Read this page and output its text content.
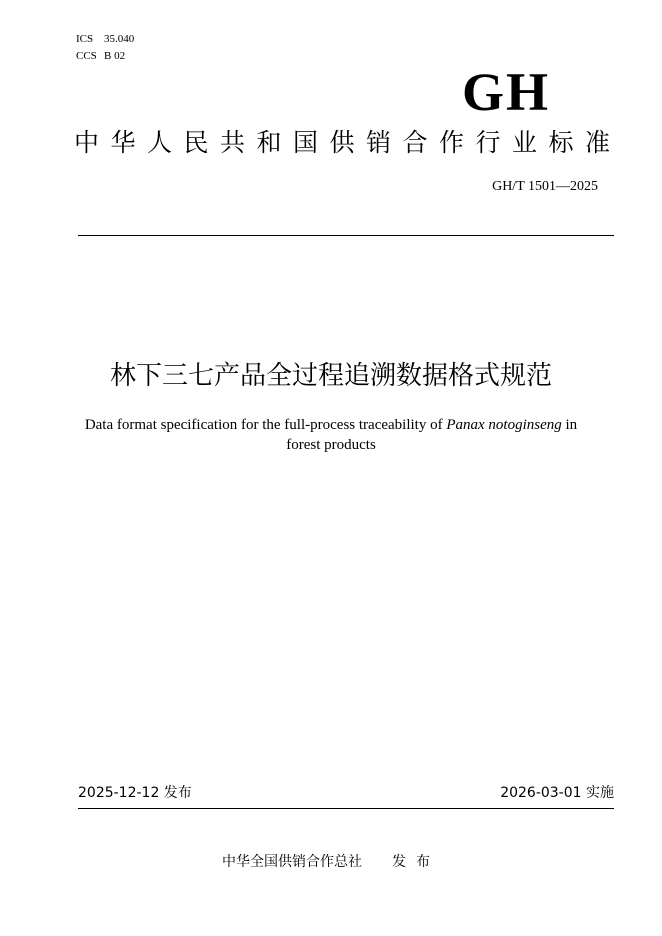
ICS 35.040
CCS B 02
GH
中华人民共和国供销合作行业标准
GH/T 1501—2025
林下三七产品全过程追溯数据格式规范
Data format specification for the full-process traceability of Panax notoginseng in forest products
2025-12-12 发布	2026-03-01 实施
中华全国供销合作总社 发布
